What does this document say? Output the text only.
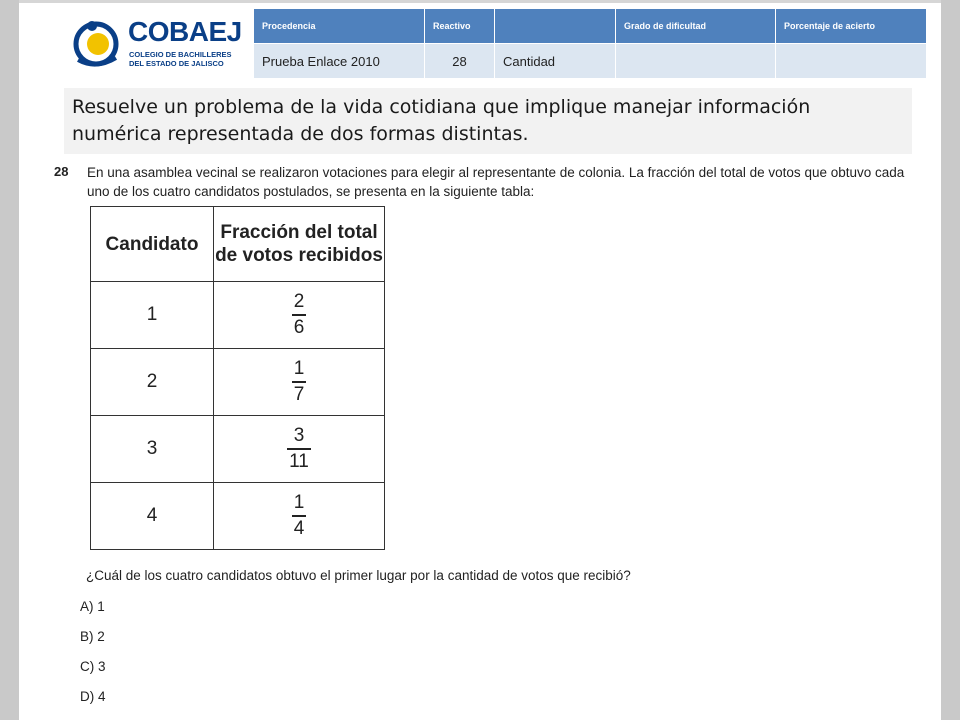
COBAEJ
COLEGIO DE BACHILLERES DEL ESTADO DE JALISCO
Procedencia	Reactivo		Grado de dificultad	Porcentaje de acierto
Prueba Enlace 2010	28	Cantidad		
Resuelve un problema de la vida cotidiana que implique manejar información numérica representada de dos formas distintas.
28 En una asamblea vecinal se realizaron votaciones para elegir al representante de colonia. La fracción del total de votos que obtuvo cada uno de los cuatro candidatos postulados, se presenta en la siguiente tabla:
Candidato	Fracción del total de votos recibidos
1	$\frac{2}{6}$

2	$\frac{1}{7}$

3	$\frac{3}{11}$

4	$\frac{1}{4}$
¿Cuál de los cuatro candidatos obtuvo el primer lugar por la cantidad de votos que recibió?
A) 1
B) 2
C) 3
D) 4
